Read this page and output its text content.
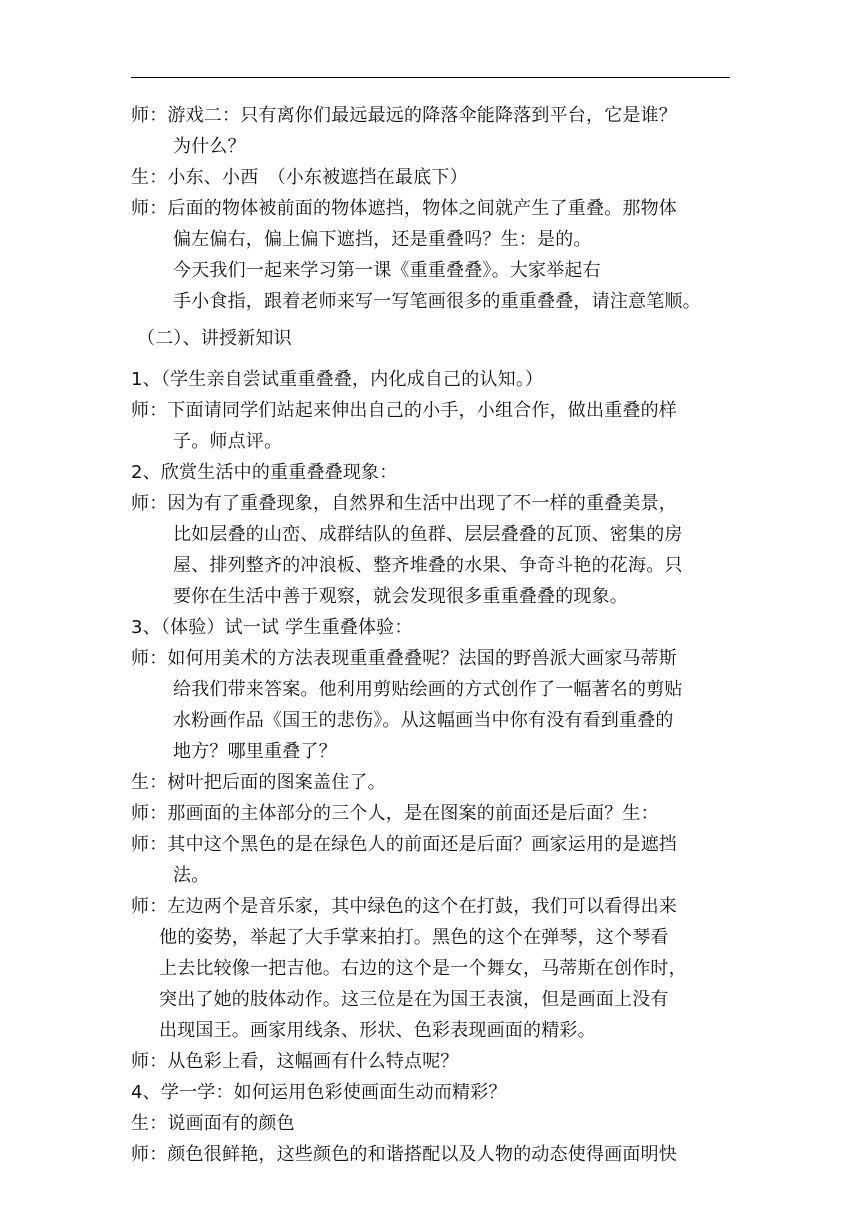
师：游戏二：只有离你们最远最远的降落伞能降落到平台，它是谁？

为什么？

生：小东、小西　（小东被遮挡在最底下）

师：后面的物体被前面的物体遮挡，物体之间就产生了重叠。那物体

偏左偏右，偏上偏下遮挡，还是重叠吗？生：是的。

今天我们一起来学习第一课《重重叠叠》。大家举起右

手小食指，跟着老师来写一写笔画很多的重重叠叠，请注意笔顺。

（二）、讲授新知识

1、（学生亲自尝试重重叠叠，内化成自己的认知。）

师：下面请同学们站起来伸出自己的小手，小组合作，做出重叠的样

子。师点评。

2、欣赏生活中的重重叠叠现象：

师：因为有了重叠现象，自然界和生活中出现了不一样的重叠美景，

比如层叠的山峦、成群结队的鱼群、层层叠叠的瓦顶、密集的房

屋、排列整齐的冲浪板、整齐堆叠的水果、争奇斗艳的花海。只

要你在生活中善于观察，就会发现很多重重叠叠的现象。

3、（体验）试一试 学生重叠体验：

师：如何用美术的方法表现重重叠叠呢？法国的野兽派大画家马蒂斯

给我们带来答案。他利用剪贴绘画的方式创作了一幅著名的剪贴

水粉画作品《国王的悲伤》。从这幅画当中你有没有看到重叠的

地方？哪里重叠了？

生：树叶把后面的图案盖住了。

师：那画面的主体部分的三个人，是在图案的前面还是后面？生：

师：其中这个黑色的是在绿色人的前面还是后面？画家运用的是遮挡

法。

师：左边两个是音乐家，其中绿色的这个在打鼓，我们可以看得出来

他的姿势，举起了大手掌来拍打。黑色的这个在弹琴，这个琴看

上去比较像一把吉他。右边的这个是一个舞女，马蒂斯在创作时，

突出了她的肢体动作。这三位是在为国王表演，但是画面上没有

出现国王。画家用线条、形状、色彩表现画面的精彩。

师：从色彩上看，这幅画有什么特点呢？

4、学一学：如何运用色彩使画面生动而精彩？

生：说画面有的颜色

师：颜色很鲜艳，这些颜色的和谐搭配以及人物的动态使得画面明快
